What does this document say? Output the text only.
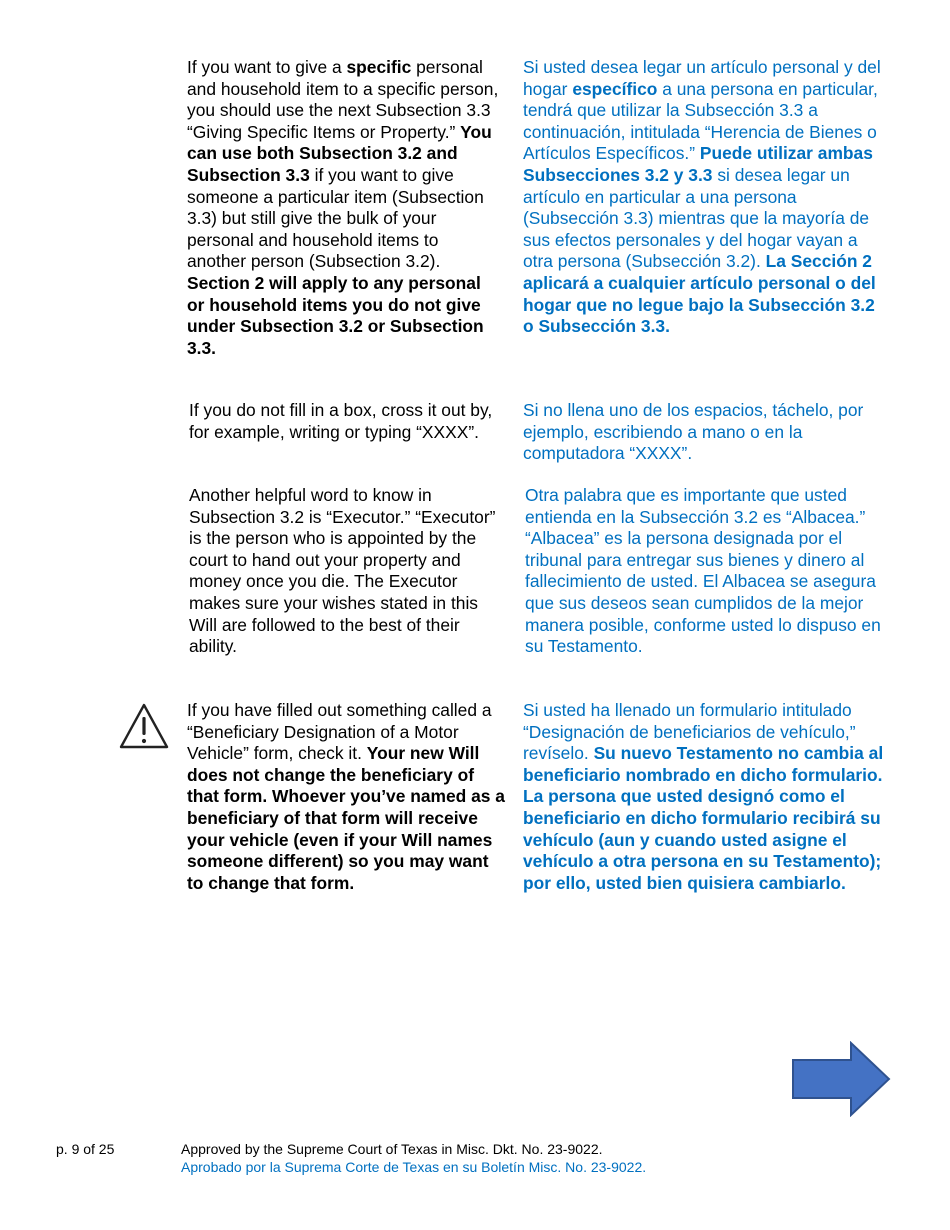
If you want to give a specific personal and household item to a specific person, you should use the next Subsection 3.3 “Giving Specific Items or Property.” You can use both Subsection 3.2 and Subsection 3.3 if you want to give someone a particular item (Subsection 3.3) but still give the bulk of your personal and household items to another person (Subsection 3.2). Section 2 will apply to any personal or household items you do not give under Subsection 3.2 or Subsection 3.3.

Si usted desea legar un artículo personal y del hogar específico a una persona en particular, tendrá que utilizar la Subsección 3.3 a continuación, intitulada “Herencia de Bienes o Artículos Específicos.” Puede utilizar ambas Subsecciones 3.2 y 3.3 si desea legar un artículo en particular a una persona (Subsección 3.3) mientras que la mayoría de sus efectos personales y del hogar vayan a otra persona (Subsección 3.2). La Sección 2 aplicará a cualquier artículo personal o del hogar que no legue bajo la Subsección 3.2 o Subsección 3.3.

If you do not fill in a box, cross it out by, for example, writing or typing “XXXX”.

Si no llena uno de los espacios, táchelo, por ejemplo, escribiendo a mano o en la computadora “XXXX”.

Another helpful word to know in Subsection 3.2 is “Executor.” “Executor” is the person who is appointed by the court to hand out your property and money once you die. The Executor makes sure your wishes stated in this Will are followed to the best of their ability.

Otra palabra que es importante que usted entienda en la Subsección 3.2 es “Albacea.” “Albacea” es la persona designada por el tribunal para entregar sus bienes y dinero al fallecimiento de usted. El Albacea se asegura que sus deseos sean cumplidos de la mejor manera posible, conforme usted lo dispuso en su Testamento.

If you have filled out something called a “Beneficiary Designation of a Motor Vehicle” form, check it. Your new Will does not change the beneficiary of that form. Whoever you’ve named as a beneficiary of that form will receive your vehicle (even if your Will names someone different) so you may want to change that form.

Si usted ha llenado un formulario intitulado “Designación de beneficiarios de vehículo,” revíselo. Su nuevo Testamento no cambia al beneficiario nombrado en dicho formulario. La persona que usted designó como el beneficiario en dicho formulario recibirá su vehículo (aun y cuando usted asigne el vehículo a otra persona en su Testamento); por ello, usted bien quisiera cambiarlo.

p. 9 of 25	Approved by the Supreme Court of Texas in Misc. Dkt. No. 23-9022.
Aprobado por la Suprema Corte de Texas en su Boletín Misc. No. 23-9022.
